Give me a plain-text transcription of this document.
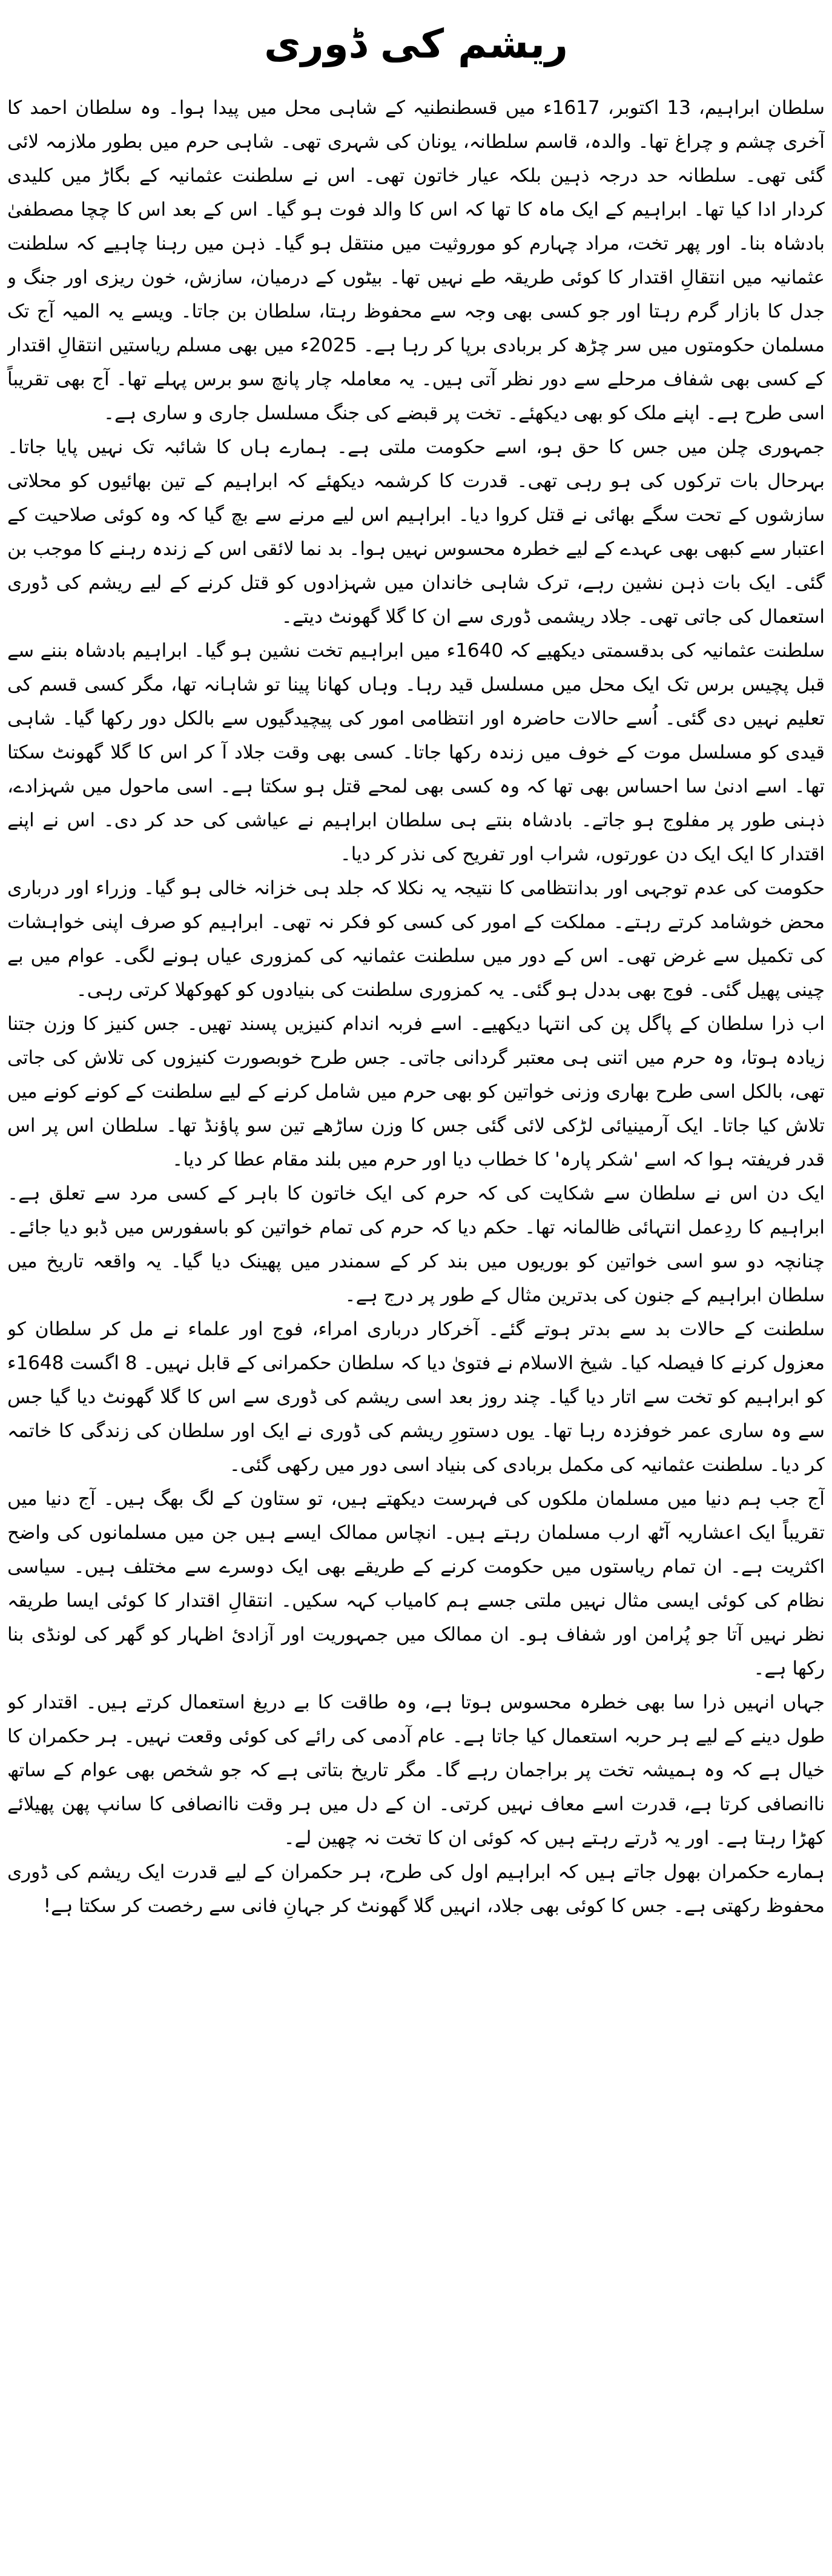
ریشم کی ڈوری

سلطان ابراہیم، 13 اکتوبر، 1617ء میں قسطنطنیہ کے شاہی محل میں پیدا ہوا۔ وہ سلطان احمد کا آخری چشم و چراغ تھا۔ والدہ، قاسم سلطانہ، یونان کی شہری تھی۔ شاہی حرم میں بطور ملازمہ لائی گئی تھی۔ سلطانہ حد درجہ ذہین بلکہ عیار خاتون تھی۔ اس نے سلطنت عثمانیہ کے بگاڑ میں کلیدی کردار ادا کیا تھا۔ ابراہیم کے ایک ماہ کا تھا کہ اس کا والد فوت ہو گیا۔ اس کے بعد اس کا چچا مصطفیٰ بادشاہ بنا۔ اور پھر تخت، مراد چہارم کو موروثیت میں منتقل ہو گیا۔ ذہن میں رہنا چاہیے کہ سلطنت عثمانیہ میں انتقالِ اقتدار کا کوئی طریقہ طے نہیں تھا۔ بیٹوں کے درمیان، سازش، خون ریزی اور جنگ و جدل کا بازار گرم رہتا اور جو کسی بھی وجہ سے محفوظ رہتا، سلطان بن جاتا۔ ویسے یہ المیہ آج تک مسلمان حکومتوں میں سر چڑھ کر بربادی برپا کر رہا ہے۔ 2025ء میں بھی مسلم ریاستیں انتقالِ اقتدار کے کسی بھی شفاف مرحلے سے دور نظر آتی ہیں۔ یہ معاملہ چار پانچ سو برس پہلے تھا۔ آج بھی تقریباً اسی طرح ہے۔ اپنے ملک کو بھی دیکھئے۔ تخت پر قبضے کی جنگ مسلسل جاری و ساری ہے۔

جمہوری چلن میں جس کا حق ہو، اسے حکومت ملتی ہے۔ ہمارے ہاں کا شائبہ تک نہیں پایا جاتا۔ بہرحال بات ترکوں کی ہو رہی تھی۔ قدرت کا کرشمہ دیکھئے کہ ابراہیم کے تین بھائیوں کو محلاتی سازشوں کے تحت سگے بھائی نے قتل کروا دیا۔ ابراہیم اس لیے مرنے سے بچ گیا کہ وہ کوئی صلاحیت کے اعتبار سے کبھی بھی عہدے کے لیے خطرہ محسوس نہیں ہوا۔ بد نما لائقی اس کے زندہ رہنے کا موجب بن گئی۔ ایک بات ذہن نشین رہے، ترک شاہی خاندان میں شہزادوں کو قتل کرنے کے لیے ریشم کی ڈوری استعمال کی جاتی تھی۔ جلاد ریشمی ڈوری سے ان کا گلا گھونٹ دیتے۔

سلطنت عثمانیہ کی بدقسمتی دیکھیے کہ 1640ء میں ابراہیم تخت نشین ہو گیا۔ ابراہیم بادشاہ بننے سے قبل پچیس برس تک ایک محل میں مسلسل قید رہا۔ وہاں کھانا پینا تو شاہانہ تھا، مگر کسی قسم کی تعلیم نہیں دی گئی۔ اُسے حالات حاضرہ اور انتظامی امور کی پیچیدگیوں سے بالکل دور رکھا گیا۔ شاہی قیدی کو مسلسل موت کے خوف میں زندہ رکھا جاتا۔ کسی بھی وقت جلاد آ کر اس کا گلا گھونٹ سکتا تھا۔ اسے ادنیٰ سا احساس بھی تھا کہ وہ کسی بھی لمحے قتل ہو سکتا ہے۔ اسی ماحول میں شہزادے، ذہنی طور پر مفلوج ہو جاتے۔ بادشاہ بنتے ہی سلطان ابراہیم نے عیاشی کی حد کر دی۔ اس نے اپنے اقتدار کا ایک ایک دن عورتوں، شراب اور تفریح کی نذر کر دیا۔

حکومت کی عدم توجہی اور بدانتظامی کا نتیجہ یہ نکلا کہ جلد ہی خزانہ خالی ہو گیا۔ وزراء اور درباری محض خوشامد کرتے رہتے۔ مملکت کے امور کی کسی کو فکر نہ تھی۔ ابراہیم کو صرف اپنی خواہشات کی تکمیل سے غرض تھی۔ اس کے دور میں سلطنت عثمانیہ کی کمزوری عیاں ہونے لگی۔ عوام میں بے چینی پھیل گئی۔ فوج بھی بددل ہو گئی۔ یہ کمزوری سلطنت کی بنیادوں کو کھوکھلا کرتی رہی۔

اب ذرا سلطان کے پاگل پن کی انتہا دیکھیے۔ اسے فربہ اندام کنیزیں پسند تھیں۔ جس کنیز کا وزن جتنا زیادہ ہوتا، وہ حرم میں اتنی ہی معتبر گردانی جاتی۔ جس طرح خوبصورت کنیزوں کی تلاش کی جاتی تھی، بالکل اسی طرح بھاری وزنی خواتین کو بھی حرم میں شامل کرنے کے لیے سلطنت کے کونے کونے میں تلاش کیا جاتا۔ ایک آرمینیائی لڑکی لائی گئی جس کا وزن ساڑھے تین سو پاؤنڈ تھا۔ سلطان اس پر اس قدر فریفتہ ہوا کہ اسے 'شکر پارہ' کا خطاب دیا اور حرم میں بلند مقام عطا کر دیا۔

ایک دن اس نے سلطان سے شکایت کی کہ حرم کی ایک خاتون کا باہر کے کسی مرد سے تعلق ہے۔ ابراہیم کا ردِعمل انتہائی ظالمانہ تھا۔ حکم دیا کہ حرم کی تمام خواتین کو باسفورس میں ڈبو دیا جائے۔ چنانچہ دو سو اسی خواتین کو بوریوں میں بند کر کے سمندر میں پھینک دیا گیا۔ یہ واقعہ تاریخ میں سلطان ابراہیم کے جنون کی بدترین مثال کے طور پر درج ہے۔

سلطنت کے حالات بد سے بدتر ہوتے گئے۔ آخرکار درباری امراء، فوج اور علماء نے مل کر سلطان کو معزول کرنے کا فیصلہ کیا۔ شیخ الاسلام نے فتویٰ دیا کہ سلطان حکمرانی کے قابل نہیں۔ 8 اگست 1648ء کو ابراہیم کو تخت سے اتار دیا گیا۔ چند روز بعد اسی ریشم کی ڈوری سے اس کا گلا گھونٹ دیا گیا جس سے وہ ساری عمر خوفزدہ رہا تھا۔ یوں دستورِ ریشم کی ڈوری نے ایک اور سلطان کی زندگی کا خاتمہ کر دیا۔ سلطنت عثمانیہ کی مکمل بربادی کی بنیاد اسی دور میں رکھی گئی۔

آج جب ہم دنیا میں مسلمان ملکوں کی فہرست دیکھتے ہیں، تو ستاون کے لگ بھگ ہیں۔ آج دنیا میں تقریباً ایک اعشاریہ آٹھ ارب مسلمان رہتے ہیں۔ انچاس ممالک ایسے ہیں جن میں مسلمانوں کی واضح اکثریت ہے۔ ان تمام ریاستوں میں حکومت کرنے کے طریقے بھی ایک دوسرے سے مختلف ہیں۔ سیاسی نظام کی کوئی ایسی مثال نہیں ملتی جسے ہم کامیاب کہہ سکیں۔ انتقالِ اقتدار کا کوئی ایسا طریقہ نظر نہیں آتا جو پُرامن اور شفاف ہو۔ ان ممالک میں جمہوریت اور آزادیٔ اظہار کو گھر کی لونڈی بنا رکھا ہے۔

جہاں انہیں ذرا سا بھی خطرہ محسوس ہوتا ہے، وہ طاقت کا بے دریغ استعمال کرتے ہیں۔ اقتدار کو طول دینے کے لیے ہر حربہ استعمال کیا جاتا ہے۔ عام آدمی کی رائے کی کوئی وقعت نہیں۔ ہر حکمران کا خیال ہے کہ وہ ہمیشہ تخت پر براجمان رہے گا۔ مگر تاریخ بتاتی ہے کہ جو شخص بھی عوام کے ساتھ ناانصافی کرتا ہے، قدرت اسے معاف نہیں کرتی۔ ان کے دل میں ہر وقت ناانصافی کا سانپ پھن پھیلائے کھڑا رہتا ہے۔ اور یہ ڈرتے رہتے ہیں کہ کوئی ان کا تخت نہ چھین لے۔

ہمارے حکمران بھول جاتے ہیں کہ ابراہیم اول کی طرح، ہر حکمران کے لیے قدرت ایک ریشم کی ڈوری محفوظ رکھتی ہے۔ جس کا کوئی بھی جلاد، انہیں گلا گھونٹ کر جہانِ فانی سے رخصت کر سکتا ہے!
